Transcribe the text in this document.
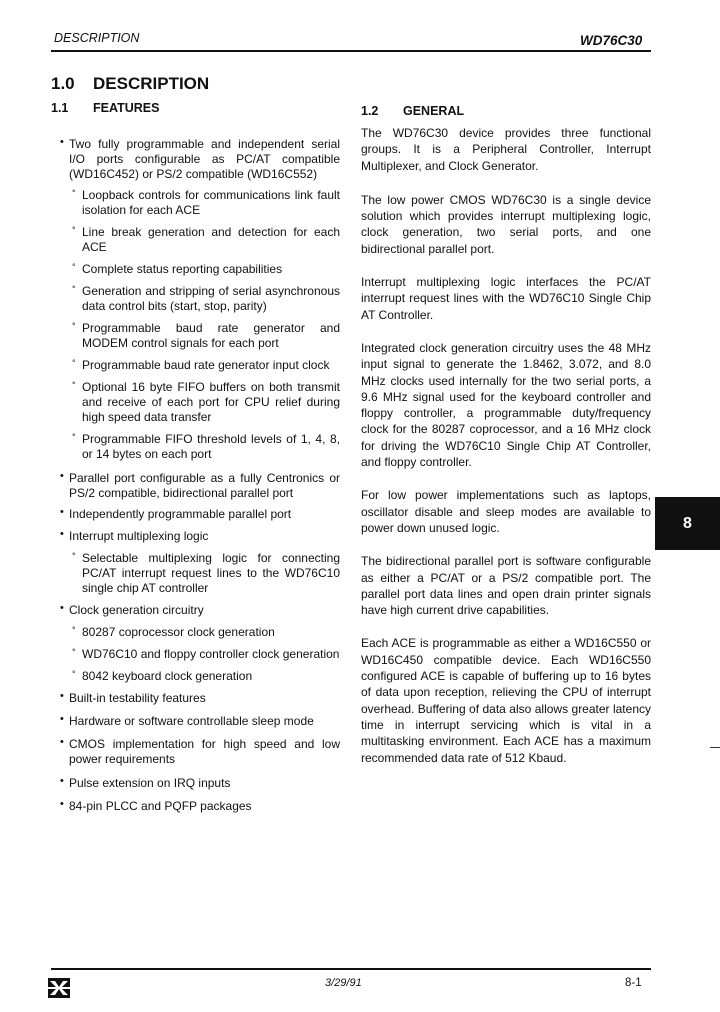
DESCRIPTION	WD76C30
1.0 DESCRIPTION
1.1 FEATURES	1.2 GENERAL
• Two fully programmable and independent serial I/O ports configurable as PC/AT compatible (WD16C452) or PS/2 compatible (WD16C552)
° Loopback controls for communications link fault isolation for each ACE
° Line break generation and detection for each ACE
° Complete status reporting capabilities
° Generation and stripping of serial asynchronous data control bits (start, stop, parity)
° Programmable baud rate generator and MODEM control signals for each port
° Programmable baud rate generator input clock
° Optional 16 byte FIFO buffers on both transmit and receive of each port for CPU relief during high speed data transfer
° Programmable FIFO threshold levels of 1, 4, 8, or 14 bytes on each port
• Parallel port configurable as a fully Centronics or PS/2 compatible, bidirectional parallel port
• Independently programmable parallel port
• Interrupt multiplexing logic
° Selectable multiplexing logic for connecting PC/AT interrupt request lines to the WD76C10 single chip AT controller
• Clock generation circuitry
° 80287 coprocessor clock generation
° WD76C10 and floppy controller clock generation
° 8042 keyboard clock generation
• Built-in testability features
• Hardware or software controllable sleep mode
• CMOS implementation for high speed and low power requirements
• Pulse extension on IRQ inputs
• 84-pin PLCC and PQFP packages

The WD76C30 device provides three functional groups. It is a Peripheral Controller, Interrupt Multiplexer, and Clock Generator.

The low power CMOS WD76C30 is a single device solution which provides interrupt multiplexing logic, clock generation, two serial ports, and one bidirectional parallel port.

Interrupt multiplexing logic interfaces the PC/AT interrupt request lines with the WD76C10 Single Chip AT Controller.

Integrated clock generation circuitry uses the 48 MHz input signal to generate the 1.8462, 3.072, and 8.0 MHz clocks used internally for the two serial ports, a 9.6 MHz signal used for the keyboard controller and floppy controller, a programmable duty/frequency clock for the 80287 coprocessor, and a 16 MHz clock for driving the WD76C10 Single Chip AT Controller, and floppy controller.

For low power implementations such as laptops, oscillator disable and sleep modes are available to power down unused logic.

The bidirectional parallel port is software configurable as either a PC/AT or a PS/2 compatible port. The parallel port data lines and open drain printer signals have high current drive capabilities.

Each ACE is programmable as either a WD16C550 or WD16C450 compatible device. Each WD16C550 configured ACE is capable of buffering up to 16 bytes of data upon reception, relieving the CPU of interrupt overhead. Buffering of data also allows greater latency time in interrupt servicing which is vital in a multitasking environment. Each ACE has a maximum recommended data rate of 512 Kbaud.

8
3/29/91	8-1
